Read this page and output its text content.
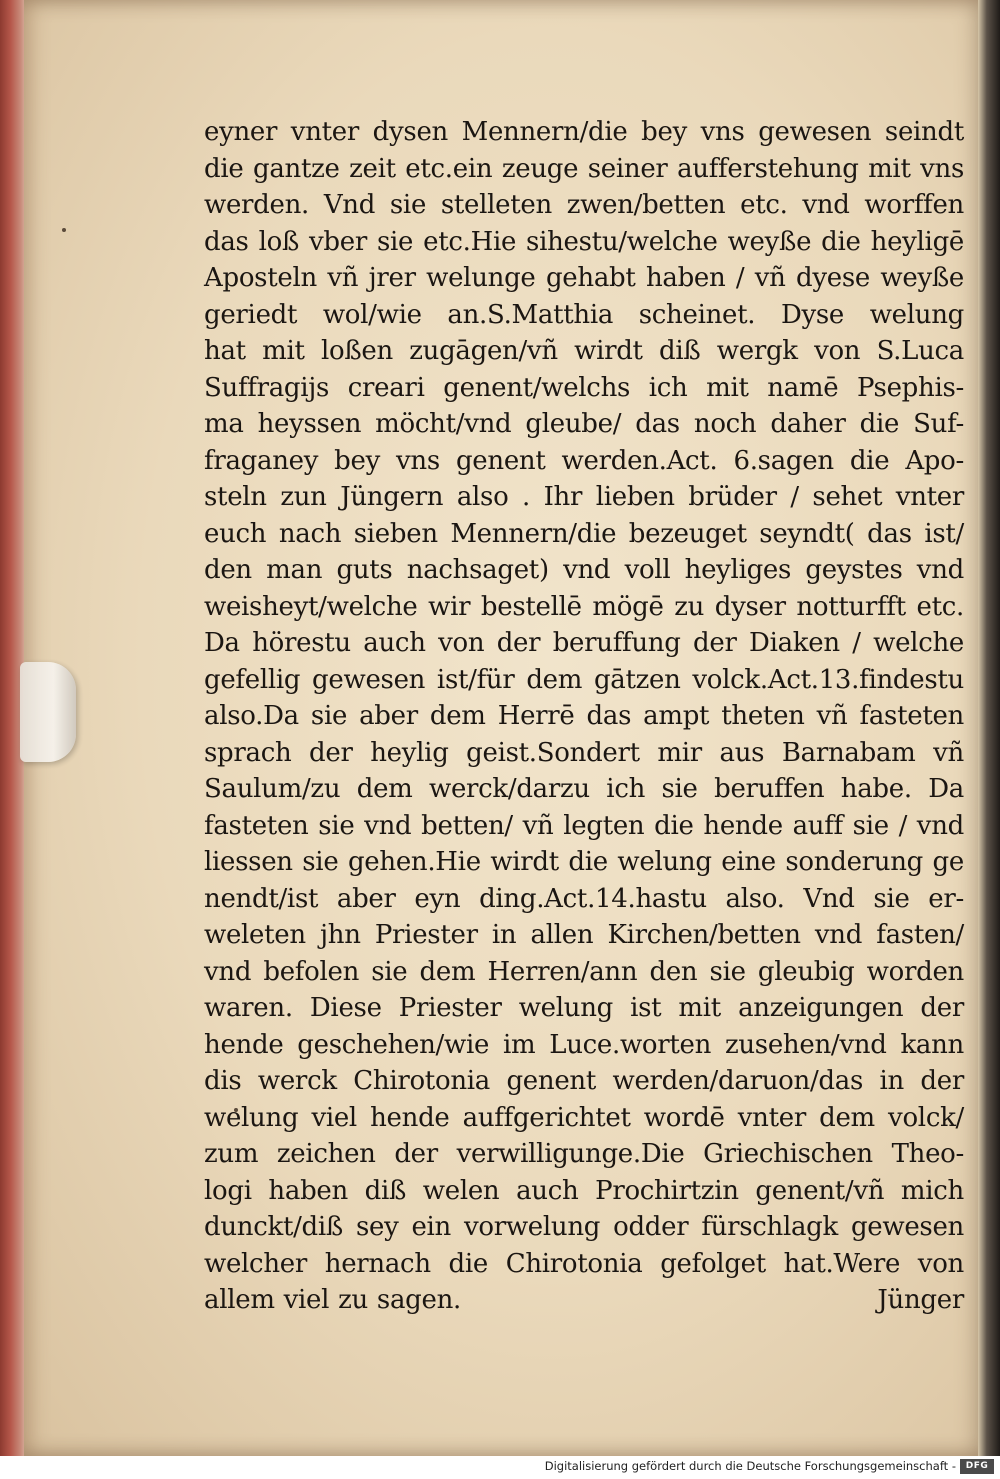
eyner vnter dysen Mennern/die bey vns gewesen seindt
die gantze zeit etc.ein zeuge seiner aufferstehung mit vns
werden. Vnd sie stelleten zwen/betten etc. vnd worffen
das loß vber sie etc.Hie sihestu/welche weyße die heyligē
Aposteln vñ jrer welunge gehabt haben / vñ dyese weyße
geriedt wol/wie an.S.Matthia scheinet. Dyse welung
hat mit loßen zugāgen/vñ wirdt diß wergk von S.Luca
Suffragijs creari genent/welchs ich mit namē Psephis-
ma heyssen möcht/vnd gleube/ das noch daher die Suf-
fraganey bey vns genent werden.Act. 6.sagen die Apo-
steln zun Jüngern also . Ihr lieben brüder / sehet vnter
euch nach sieben Mennern/die bezeuget seyndt( das ist/
den man guts nachsaget) vnd voll heyliges geystes vnd
weisheyt/welche wir bestellē mögē zu dyser notturfft etc.
Da hörestu auch von der beruffung der Diaken / welche
gefellig gewesen ist/für dem gātzen volck.Act.13.findestu
also.Da sie aber dem Herrē das ampt theten vñ fasteten
sprach der heylig geist.Sondert mir aus Barnabam vñ
Saulum/zu dem werck/darzu ich sie beruffen habe. Da
fasteten sie vnd betten/ vñ legten die hende auff sie / vnd
liessen sie gehen.Hie wirdt die welung eine sonderung ge
nendt/ist aber eyn ding.Act.14.hastu also. Vnd sie er-
weleten jhn Priester in allen Kirchen/betten vnd fasten/
vnd befolen sie dem Herren/ann den sie gleubig worden
waren. Diese Priester welung ist mit anzeigungen der
hende geschehen/wie im Luce.worten zusehen/vnd kann
dis werck Chirotonia genent werden/daruon/das in der
welung viel hende auffgerichtet wordē vnter dem volck/
zum zeichen der verwilligunge.Die Griechischen Theo-
logi haben diß welen auch Prochirtzin genent/vñ mich
dunckt/diß sey ein vorwelung odder fürschlagk gewesen
welcher hernach die Chirotonia gefolget hat.Were von
allem viel zu sagen.	Jünger
Digitalisierung gefördert durch die Deutsche Forschungsgemeinschaft -	DFG
